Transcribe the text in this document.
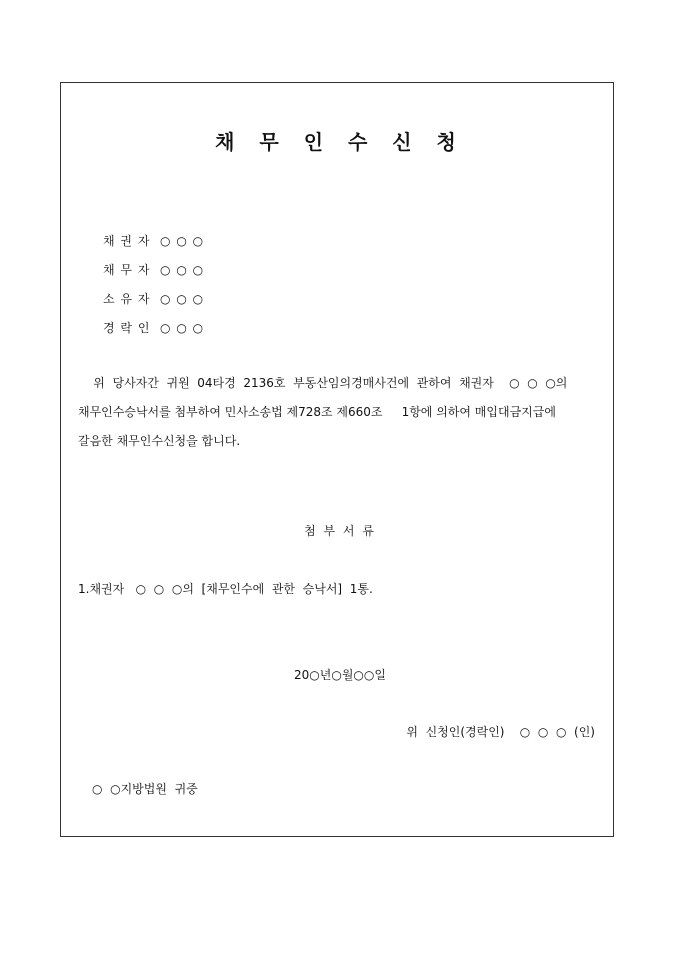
채 무 인 수 신 청
채 권 자  ○ ○ ○
채 무 자  ○ ○ ○
소 유 자  ○ ○ ○
경 락 인  ○ ○ ○
위  당사자간  귀원  04타경  2136호  부동산임의경매사건에  관하여  채권자    ○  ○  ○의
채무인수승낙서를 첨부하여 민사소송법 제728조 제660조     1항에 의하여 매입대금지급에
갈음한 채무인수신청을 합니다.
첨 부 서 류
1.채권자   ○  ○  ○의  [채무인수에  관한  승낙서]  1통.
20○년○월○○일
위  신청인(경락인)    ○  ○  ○  (인)
○  ○지방법원  귀중
